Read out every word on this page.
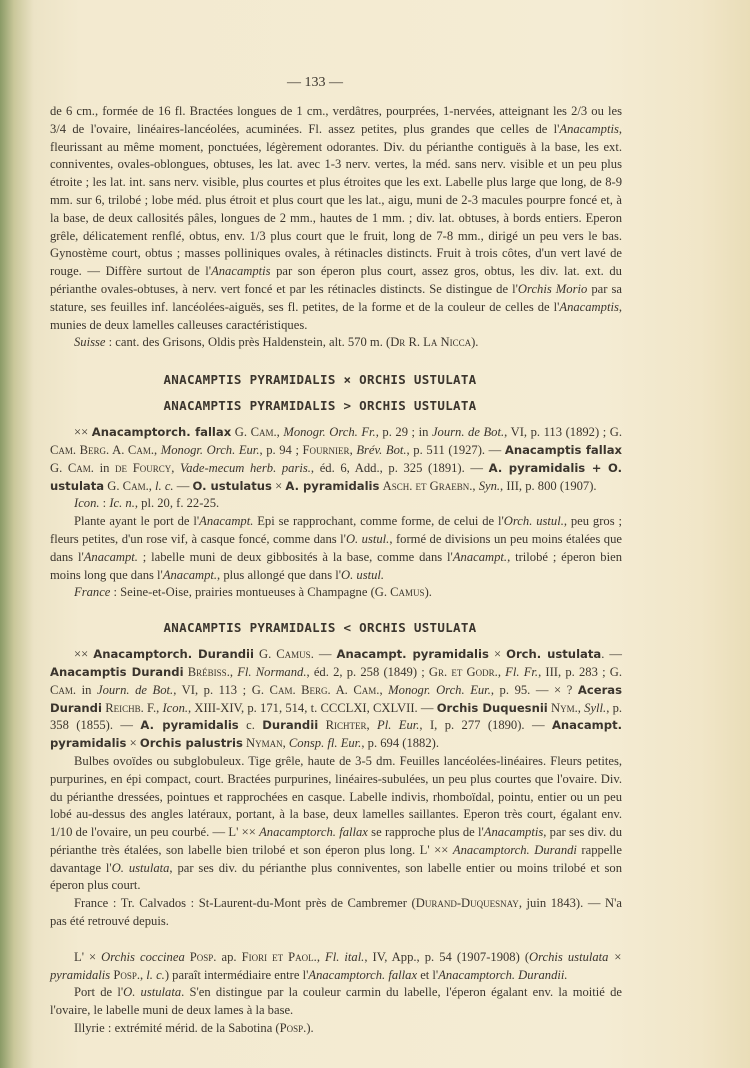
— 133 —

de 6 cm., formée de 16 fl. Bractées longues de 1 cm., verdâtres, pourprées, 1-nervées, atteignant les 2/3 ou les 3/4 de l'ovaire, linéaires-lancéolées, acuminées. Fl. assez petites, plus grandes que celles de l'Anacamptis, fleurissant au même moment, ponctuées, légèrement odorantes. Div. du périanthe contiguës à la base, les ext. conniventes, ovales-oblongues, obtuses, les lat. avec 1-3 nerv. vertes, la méd. sans nerv. visible et un peu plus étroite ; les lat. int. sans nerv. visible, plus courtes et plus étroites que les ext. Labelle plus large que long, de 8-9 mm. sur 6, trilobé ; lobe méd. plus étroit et plus court que les lat., aigu, muni de 2-3 macules pourpre foncé et, à la base, de deux callosités pâles, longues de 2 mm., hautes de 1 mm. ; div. lat. obtuses, à bords entiers. Eperon grêle, délicatement renflé, obtus, env. 1/3 plus court que le fruit, long de 7-8 mm., dirigé un peu vers le bas. Gynostème court, obtus ; masses polliniques ovales, à rétinacles distincts. Fruit à trois côtes, d'un vert lavé de rouge. — Diffère surtout de l'Anacamptis par son éperon plus court, assez gros, obtus, les div. lat. ext. du périanthe ovales-obtuses, à nerv. vert foncé et par les rétinacles distincts. Se distingue de l'Orchis Morio par sa stature, ses feuilles inf. lancéolées-aiguës, ses fl. petites, de la forme et de la couleur de celles de l'Anacamptis, munies de deux lamelles calleuses caractéristiques.

Suisse : cant. des Grisons, Oldis près Haldenstein, alt. 570 m. (Dr R. La Nicca).

ANACAMPTIS PYRAMIDALIS × ORCHIS USTULATA
ANACAMPTIS PYRAMIDALIS > ORCHIS USTULATA

×× Anacamptorch. fallax G. Cam., Monogr. Orch. Fr., p. 29 ; in Journ. de Bot., VI, p. 113 (1892) ; G. Cam. Berg. A. Cam., Monogr. Orch. Eur., p. 94 ; Fournier, Brév. Bot., p. 511 (1927). — Anacamptis fallax G. Cam. in de Fourcy, Vade-mecum herb. paris., éd. 6, Add., p. 325 (1891). — A. pyramidalis + O. ustulata G. Cam., l. c. — O. ustulatus × A. pyramidalis Asch. et Graebn., Syn., III, p. 800 (1907).

Icon. : Ic. n., pl. 20, f. 22-25.

Plante ayant le port de l'Anacampt. Epi se rapprochant, comme forme, de celui de l'Orch. ustul., peu gros ; fleurs petites, d'un rose vif, à casque foncé, comme dans l'O. ustul., formé de divisions un peu moins étalées que dans l'Anacampt. ; labelle muni de deux gibbosités à la base, comme dans l'Anacampt., trilobé ; éperon bien moins long que dans l'Anacampt., plus allongé que dans l'O. ustul.

France : Seine-et-Oise, prairies montueuses à Champagne (G. Camus).

ANACAMPTIS PYRAMIDALIS < ORCHIS USTULATA

×× Anacamptorch. Durandii G. Camus. — Anacampt. pyramidalis × Orch. ustulata. — Anacamptis Durandi Brébiss., Fl. Normand., éd. 2, p. 258 (1849) ; Gr. et Godr., Fl. Fr., III, p. 283 ; G. Cam. in Journ. de Bot., VI, p. 113 ; G. Cam. Berg. A. Cam., Monogr. Orch. Eur., p. 95. — × ? Aceras Durandi Reichb. F., Icon., XIII-XIV, p. 171, 514, t. CCCLXI, CXLVII. — Orchis Duquesnii Nym., Syll., p. 358 (1855). — A. pyramidalis c. Durandii Richter, Pl. Eur., I, p. 277 (1890). — Anacampt. pyramidalis × Orchis palustris Nyman, Consp. fl. Eur., p. 694 (1882).

Bulbes ovoïdes ou subglobuleux. Tige grêle, haute de 3-5 dm. Feuilles lancéolées-linéaires. Fleurs petites, purpurines, en épi compact, court. Bractées purpurines, linéaires-subulées, un peu plus courtes que l'ovaire. Div. du périanthe dressées, pointues et rapprochées en casque. Labelle indivis, rhomboïdal, pointu, entier ou un peu lobé au-dessus des angles latéraux, portant, à la base, deux lamelles saillantes. Eperon très court, égalant env. 1/10 de l'ovaire, un peu courbé. — L' ×× Anacamptorch. fallax se rapproche plus de l'Anacamptis, par ses div. du périanthe très étalées, son labelle bien trilobé et son éperon plus long. L' ×× Anacamptorch. Durandi rappelle davantage l'O. ustulata, par ses div. du périanthe plus conniventes, son labelle entier ou moins trilobé et son éperon plus court.

France : Tr. Calvados : St-Laurent-du-Mont près de Cambremer (Durand-Duquesnay, juin 1843). — N'a pas été retrouvé depuis.

L' × Orchis coccinea Posp. ap. Fiori et Paol., Fl. ital., IV, App., p. 54 (1907-1908) (Orchis ustulata × pyramidalis Posp., l. c.) paraît intermédiaire entre l'Anacamptorch. fallax et l'Anacamptorch. Durandii.

Port de l'O. ustulata. S'en distingue par la couleur carmin du labelle, l'éperon égalant env. la moitié de l'ovaire, le labelle muni de deux lames à la base.

Illyrie : extrémité mérid. de la Sabotina (Posp.).
